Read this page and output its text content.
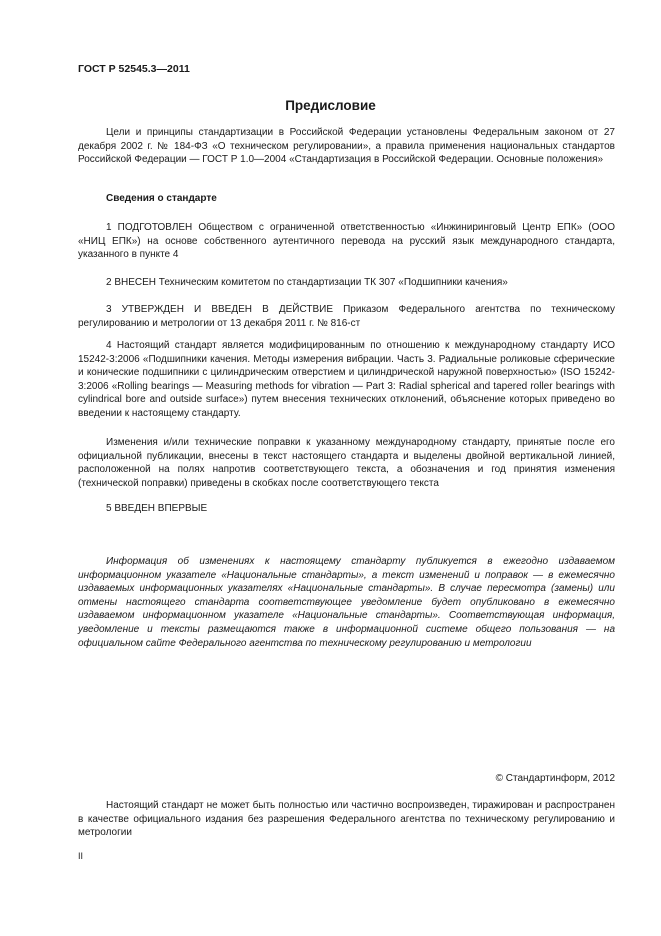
ГОСТ Р 52545.3—2011
Предисловие

Цели и принципы стандартизации в Российской Федерации установлены Федеральным законом от 27 декабря 2002 г. № 184-ФЗ «О техническом регулировании», а правила применения национальных стандартов Российской Федерации — ГОСТ Р 1.0—2004 «Стандартизация в Российской Федерации. Основные положения»

Сведения о стандарте

1 ПОДГОТОВЛЕН Обществом с ограниченной ответственностью «Инжиниринговый Центр ЕПК» (ООО «НИЦ ЕПК») на основе собственного аутентичного перевода на русский язык международного стандарта, указанного в пункте 4

2 ВНЕСЕН Техническим комитетом по стандартизации ТК 307 «Подшипники качения»

3 УТВЕРЖДЕН И ВВЕДЕН В ДЕЙСТВИЕ Приказом Федерального агентства по техническому регулированию и метрологии от 13 декабря 2011 г. № 816-ст

4 Настоящий стандарт является модифицированным по отношению к международному стандарту ИСО 15242-3:2006 «Подшипники качения. Методы измерения вибрации. Часть 3. Радиальные роликовые сферические и конические подшипники с цилиндрическим отверстием и цилиндрической наружной поверхностью» (ISO 15242-3:2006 «Rolling bearings — Measuring methods for vibration — Part 3: Radial spherical and tapered roller bearings with cylindrical bore and outside surface») путем внесения технических отклонений, объяснение которых приведено во введении к настоящему стандарту.

Изменения и/или технические поправки к указанному международному стандарту, принятые после его официальной публикации, внесены в текст настоящего стандарта и выделены двойной вертикальной линией, расположенной на полях напротив соответствующего текста, а обозначения и год принятия изменения (технической поправки) приведены в скобках после соответствующего текста

5 ВВЕДЕН ВПЕРВЫЕ

Информация об изменениях к настоящему стандарту публикуется в ежегодно издаваемом информационном указателе «Национальные стандарты», а текст изменений и поправок — в ежемесячно издаваемых информационных указателях «Национальные стандарты». В случае пересмотра (замены) или отмены настоящего стандарта соответствующее уведомление будет опубликовано в ежемесячно издаваемом информационном указателе «Национальные стандарты». Соответствующая информация, уведомление и тексты размещаются также в информационной системе общего пользования — на официальном сайте Федерального агентства по техническому регулированию и метрологии

© Стандартинформ, 2012

Настоящий стандарт не может быть полностью или частично воспроизведен, тиражирован и распространен в качестве официального издания без разрешения Федерального агентства по техническому регулированию и метрологии

II
